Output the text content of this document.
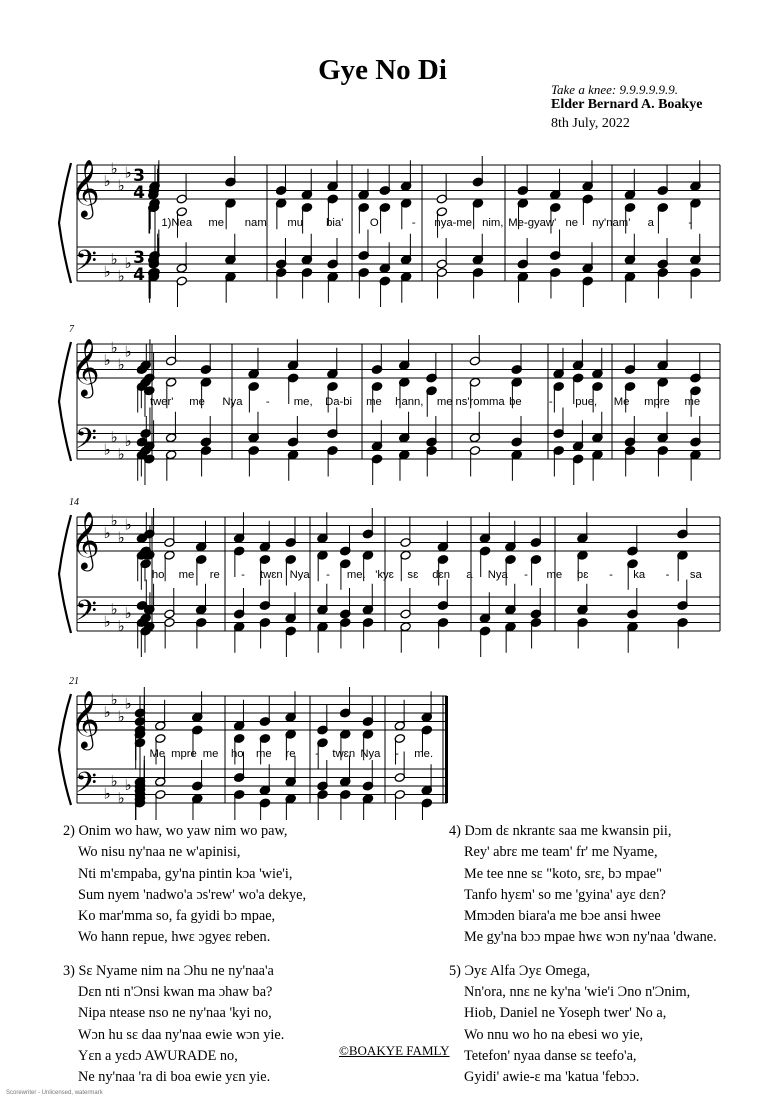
Gye No Di
Take a knee: 9.9.9.9.9.9.
Elder Bernard A. Boakye
8th July, 2022
𝄞
𝄢
♭
♭
♭
♭
♭
♭
♭
♭
3
4
3
4
1)Nea me nam mu bia' O	- nya-me nim, Me-gyaw' ne ny'nam' a	-
𝄞
𝄢
♭
♭
♭
♭
♭
♭
♭
♭
7
twer' me Nya - me, Da-bi me hann, me ns'romma be - pue, Me mpre me
𝄞
𝄢
♭
♭
♭
♭
♭
♭
♭
♭
14
ho me re - twɛn Nya - me. 'kyɛ sɛ dɛn a Nya - me bɛ - ka - sa
𝄞
𝄢
♭
♭
♭
♭
♭
♭
♭
♭
21
Me mpre me ho me re - twɛn Nya - me.
2) Onim wo haw, wo yaw nim wo paw,
Wo nisu ny'naa ne w'apinisi,
Nti m'ɛmpaba, gy'na pintin kɔa 'wie'i,
Sum nyem 'nadwo'a ɔs'rew' wo'a dekye,
Ko mar'mma so, fa gyidi bɔ mpae,
Wo hann repue, hwɛ ɔgyeɛ reben.
3) Sɛ Nyame nim na Ɔhu ne ny'naa'a
Dɛn nti n'Ɔnsi kwan ma ɔhaw ba?
Nipa ntease nso ne ny'naa 'kyi no,
Wɔn hu sɛ daa ny'naa ewie wɔn yie.
Yɛn a yɛdɔ AWURADE no,
Ne ny'naa 'ra di boa ewie yɛn yie.
4) Dɔm dɛ nkrantɛ saa me kwansin pii,
Rey' abrɛ me team' fr' me Nyame,
Me tee nne sɛ "koto, srɛ, bɔ mpae"
Tanfo hyɛm' so me 'gyina' ayɛ dɛn?
Mmɔden biara'a me bɔe ansi hwee
Me gy'na bɔɔ mpae hwɛ wɔn ny'naa 'dwane.
5) Ɔyɛ Alfa Ɔyɛ Omega,
Nn'ora, nnɛ ne ky'na 'wie'i Ɔno n'Ɔnim,
Hiob, Daniel ne Yoseph twer' No a,
Wo nnu wo ho na ebesi wo yie,
Tetefon' nyaa danse sɛ teefo'a,
Gyidi' awie-ɛ ma 'katua 'febɔɔ.
©BOAKYE FAMLY
Scorewriter - Unlicensed, watermark
